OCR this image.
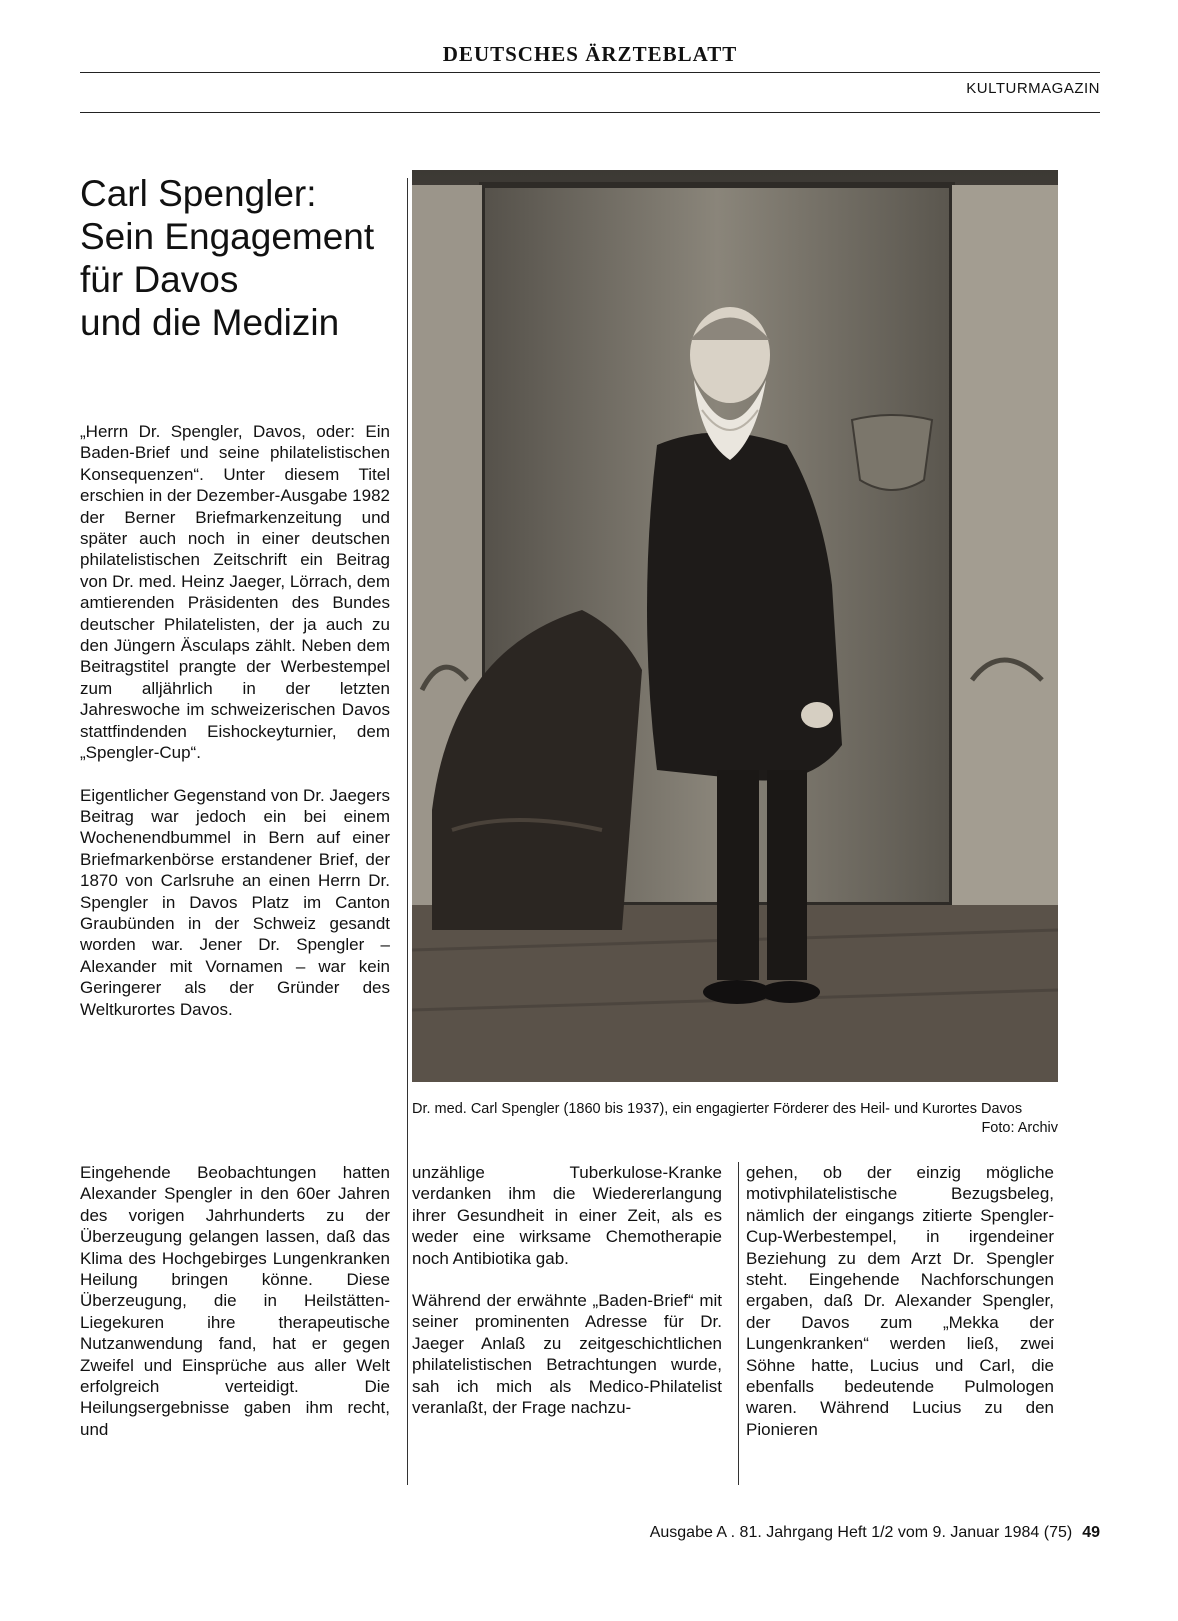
DEUTSCHES ÄRZTEBLATT
KULTURMAGAZIN
Carl Spengler:
Sein Engagement
für Davos
und die Medizin

„Herrn Dr. Spengler, Davos, oder: Ein Baden-Brief und seine philatelistischen Konsequenzen“. Unter diesem Titel erschien in der Dezember-Ausgabe 1982 der Berner Briefmarkenzeitung und später auch noch in einer deutschen philatelistischen Zeitschrift ein Beitrag von Dr. med. Heinz Jaeger, Lörrach, dem amtierenden Präsidenten des Bundes deutscher Philatelisten, der ja auch zu den Jüngern Äsculaps zählt. Neben dem Beitragstitel prangte der Werbestempel zum alljährlich in der letzten Jahreswoche im schweizerischen Davos stattfindenden Eishockeyturnier, dem „Spengler-Cup“.

Eigentlicher Gegenstand von Dr. Jaegers Beitrag war jedoch ein bei einem Wochenendbummel in Bern auf einer Briefmarkenbörse erstandener Brief, der 1870 von Carlsruhe an einen Herrn Dr. Spengler in Davos Platz im Canton Graubünden in der Schweiz gesandt worden war. Jener Dr. Spengler – Alexander mit Vornamen – war kein Geringerer als der Gründer des Weltkurortes Davos.

Eingehende Beobachtungen hatten Alexander Spengler in den 60er Jahren des vorigen Jahrhunderts zu der Überzeugung gelangen lassen, daß das Klima des Hochgebirges Lungenkranken Heilung bringen könne. Diese Überzeugung, die in Heilstätten-Liegekuren ihre therapeutische Nutzanwendung fand, hat er gegen Zweifel und Einsprüche aus aller Welt erfolgreich verteidigt. Die Heilungsergebnisse gaben ihm recht, und

unzählige Tuberkulose-Kranke verdanken ihm die Wiedererlangung ihrer Gesundheit in einer Zeit, als es weder eine wirksame Chemotherapie noch Antibiotika gab.

Während der erwähnte „Baden-Brief“ mit seiner prominenten Adresse für Dr. Jaeger Anlaß zu zeitgeschichtlichen philatelistischen Betrachtungen wurde, sah ich mich als Medico-Philatelist veranlaßt, der Frage nachzu-

gehen, ob der einzig mögliche motivphilatelistische Bezugsbeleg, nämlich der eingangs zitierte Spengler-Cup-Werbestempel, in irgendeiner Beziehung zu dem Arzt Dr. Spengler steht. Eingehende Nachforschungen ergaben, daß Dr. Alexander Spengler, der Davos zum „Mekka der Lungenkranken“ werden ließ, zwei Söhne hatte, Lucius und Carl, die ebenfalls bedeutende Pulmologen waren. Während Lucius zu den Pionieren

Dr. med. Carl Spengler (1860 bis 1937), ein engagierter Förderer des Heil- und Kurortes Davos
Foto: Archiv
Ausgabe A . 81. Jahrgang Heft 1/2 vom 9. Januar 1984 (75) 49
